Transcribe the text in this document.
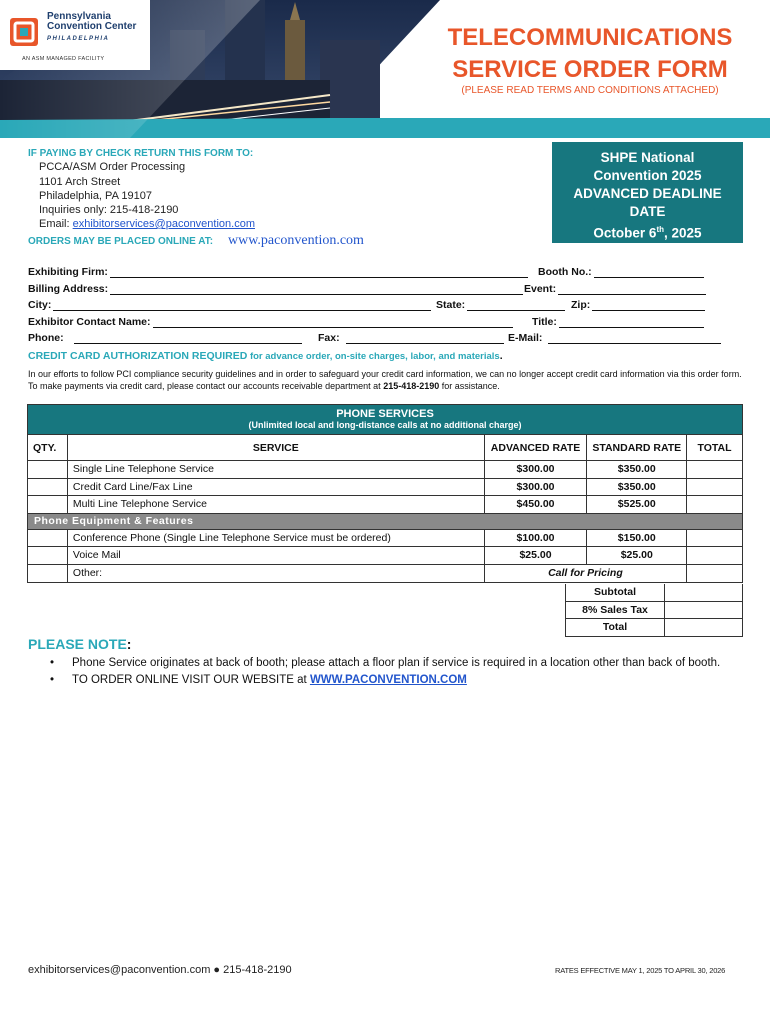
Pennsylvania
Convention Center
PHILADELPHIA
AN ASM MANAGED FACILITY
TELECOMMUNICATIONS
SERVICE ORDER FORM
(PLEASE READ TERMS AND CONDITIONS ATTACHED)
IF PAYING BY CHECK RETURN THIS FORM TO:
PCCA/ASM Order Processing
1101 Arch Street
Philadelphia, PA 19107
Inquiries only: 215-418-2190
Email: exhibitorservices@paconvention.com
ORDERS MAY BE PLACED ONLINE AT: www.paconvention.com
SHPE National
Convention 2025
ADVANCED DEADLINE
DATE
October 6th, 2025
Exhibiting Firm:	Booth No.:
Billing Address:	Event:
City:	State:	Zip:
Exhibitor Contact Name:	Title:
Phone:	Fax:	E-Mail:
CREDIT CARD AUTHORIZATION REQUIRED for advance order, on-site charges, labor, and materials.
In our efforts to follow PCI compliance security guidelines and in order to safeguard your credit card information, we can no longer accept credit card information via this order form. To make payments via credit card, please contact our accounts receivable department at 215-418-2190 for assistance.
PHONE SERVICES
(Unlimited local and long-distance calls at no additional charge)
QTY.	SERVICE	ADVANCED RATE	STANDARD RATE	TOTAL
Single Line Telephone Service	$300.00	$350.00
Credit Card Line/Fax Line	$300.00	$350.00
Multi Line Telephone Service	$450.00	$525.00
Phone Equipment & Features
Conference Phone (Single Line Telephone Service must be ordered)	$100.00	$150.00
Voice Mail	$25.00	$25.00
Other:	Call for Pricing
Subtotal
8% Sales Tax
Total
PLEASE NOTE:
• Phone Service originates at back of booth; please attach a floor plan if service is required in a location other than back of booth.
• TO ORDER ONLINE VISIT OUR WEBSITE at WWW.PACONVENTION.COM
exhibitorservices@paconvention.com ● 215-418-2190	RATES EFFECTIVE MAY 1, 2025 TO APRIL 30, 2026
